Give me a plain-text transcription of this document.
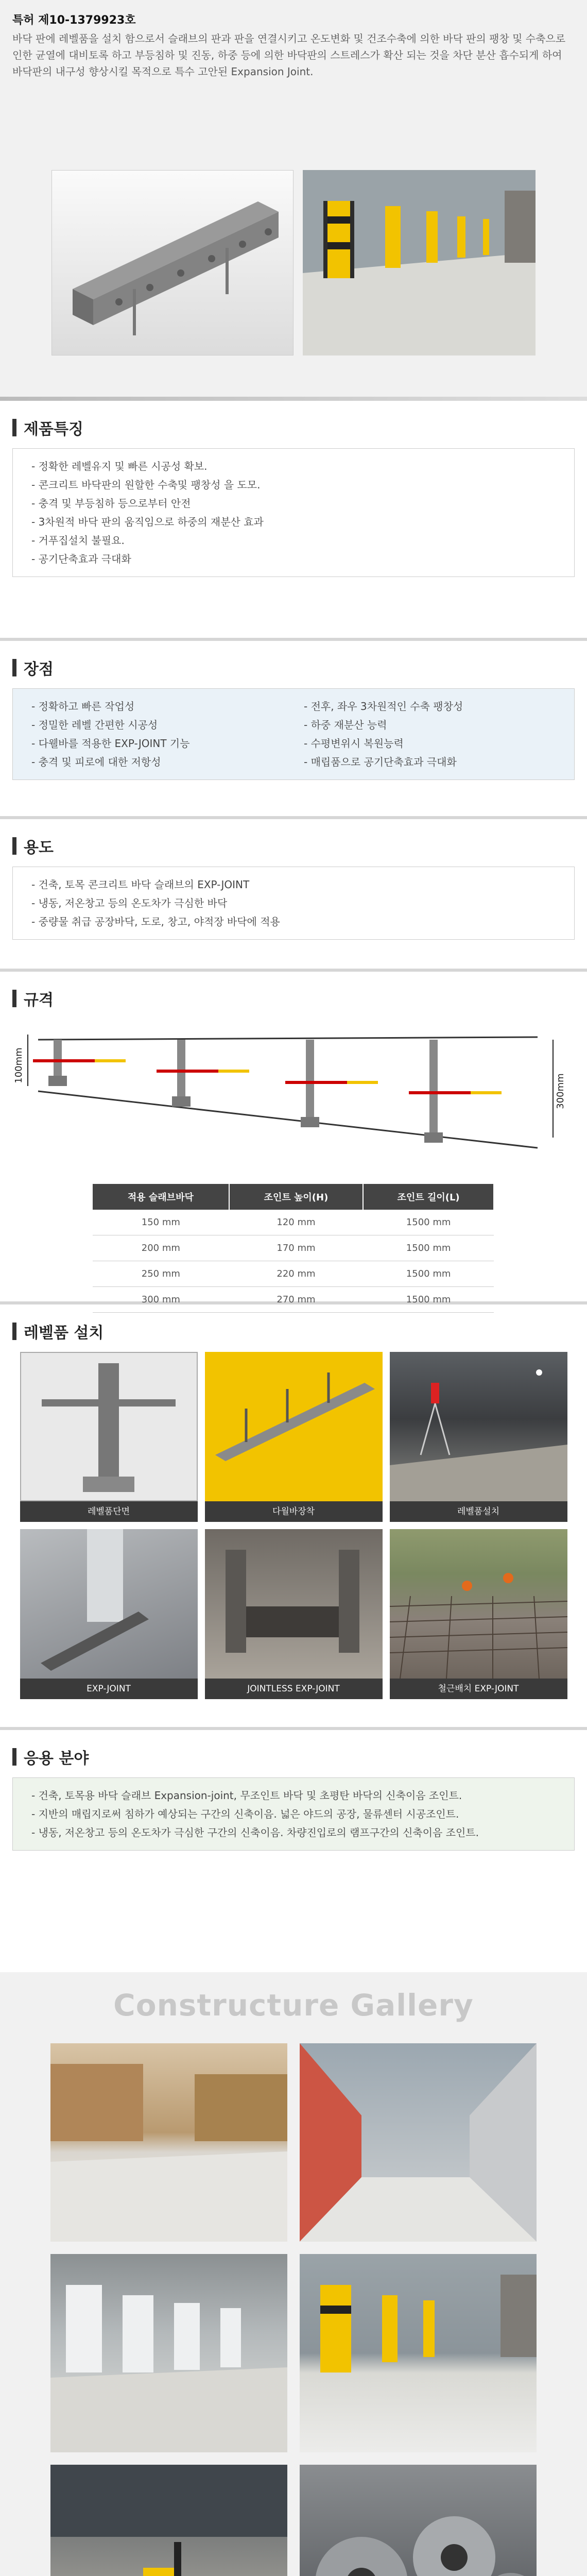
특허 제10-1379923호
바닥 판에 레벨품을 설치 함으로서 슬래브의 판과 판을 연결시키고 온도변화 및 건조수축에 의한 바닥 판의 팽창 및 수축으로 인한 균열에 대비토록 하고 부등침하 및 진동, 하중 등에 의한 바닥판의 스트레스가 확산 되는 것을 차단 분산 흡수되게 하여 바닥판의 내구성 향상시킬 목적으로 특수 고안된 Expansion Joint.
제품특징
- 정확한 레벨유지 및 빠른 시공성 확보.
- 콘크리트 바닥판의 원할한 수축및 팽창성 을 도모.
- 충격 및 부등침하 등으로부터 안전
- 3차원적 바닥 판의 움직임으로 하중의 재분산 효과
- 거푸집설치 불필요.
- 공기단축효과 극대화
장점
- 정확하고 빠른 작업성
- 정밀한 레벨 간편한 시공성
- 다웰바를 적용한 EXP-JOINT 기능
- 충격 및 피로에 대한 저항성
- 전후, 좌우 3차원적인 수축 팽창성
- 하중 재분산 능력
- 수평변위시 복원능력
- 매립품으로 공기단축효과 극대화
용도
- 건축, 토목 콘크리트 바닥 슬래브의 EXP-JOINT
- 냉동, 저온창고 등의 온도차가 극심한 바닥
- 중량물 취급 공장바닥, 도로, 창고, 야적장 바닥에 적용
규격
100mm
300mm
적용 슬래브바닥	조인트 높이(H)	조인트 길이(L)
150 mm	120 mm	1500 mm
200 mm	170 mm	1500 mm
250 mm	220 mm	1500 mm
300 mm	270 mm	1500 mm
레벨품 설치
레벨품단면	다월바장착	레벨품설치
EXP-JOINT	JOINTLESS EXP-JOINT	철근배치 EXP-JOINT
응용 분야
- 건축, 토목용 바닥 슬래브 Expansion-joint, 무조인트 바닥 및 초평탄 바닥의 신축이음 조인트.
- 지반의 매립지로써 침하가 예상되는 구간의 신축이음. 넓은 야드의 공장, 물류센터 시공조인트.
- 냉동, 저온창고 등의 온도차가 극심한 구간의 신축이음. 차량진입로의 램프구간의 신축이음 조인트.
Constructure Gallery
